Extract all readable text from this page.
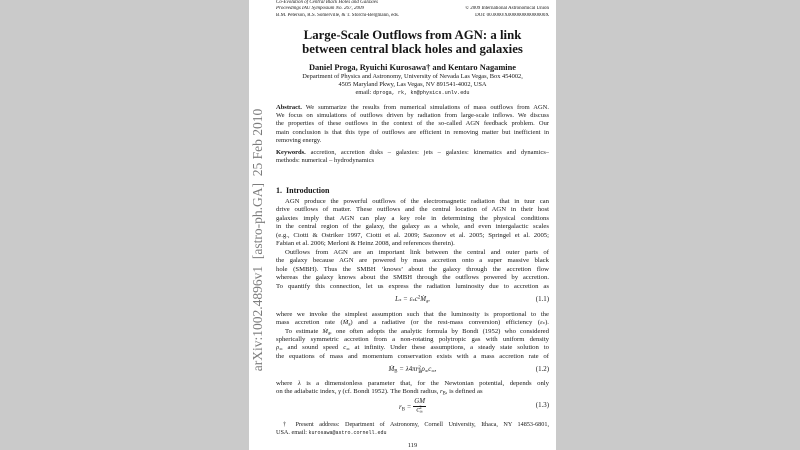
arXiv:1002.4896v1  [astro-ph.GA]  25 Feb 2010
Co-Evolution of Central Black Holes and Galaxies
Proceedings IAU Symposium No. 267, 2009
B.M. Peterson, R.S. Somerville, & T. Storchi-Bergmann, eds.
© 2009 International Astronomical Union
DOI: 00.0000/X000000000000000X
Large-Scale Outflows from AGN: a link
between central black holes and galaxies
Daniel Proga, Ryuichi Kurosawa† and Kentaro Nagamine
Department of Physics and Astronomy, University of Nevada Las Vegas, Box 454002,
4505 Maryland Pkwy, Las Vegas, NV 891541-4002, USA
email: dproga, rk, kn@physics.unlv.edu
Abstract. We summarize the results from numerical simulations of mass outflows from AGN.
We focus on simulations of outflows driven by radiation from large-scale inflows. We discuss
the properties of these outflows in the context of the so-called AGN feedback problem. Our
main conclusion is that this type of outflows are efficient in removing matter but inefficient in
removing energy.
Keywords. accretion, accretion disks – galaxies: jets – galaxies: kinematics and dynamics–
methods: numerical – hydrodynamics
1. Introduction
AGN produce the powerful outflows of the electromagnetic radiation that in tuur can
drive outflows of matter. These outflows and the central location of AGN in their host
galaxies imply that AGN can play a key role in determining the physical conditions
in the central region of the galaxy, the galaxy as a whole, and even intergalactic scales
(e.g., Ciotti & Ostriker 1997, Ciotti et al. 2009; Sazonov et al. 2005; Springel et al. 2005;
Fabian et al. 2006; Merloni & Heinz 2008, and references therein).
Outflows from AGN are an important link between the central and outer parts of
the galaxy because AGN are powered by mass accretion onto a super massive black
hole (SMBH). Thus the SMBH ‘knows’ about the galaxy through the accretion flow
whereas the galaxy knows about the SMBH through the outflows powered by accretion.
To quantify this connection, let us express the radiation luminosity due to accretion as
$L_*$ = $\varepsilon_*c^2Ṁ_a$,	(1.1)
where we invoke the simplest assumption such that the luminosity is proportional to the
mass accretion rate (Ṁ$_a$) and a radiative (or the rest-mass conversion) efficiency $(\varepsilon_*)$.
To estimate Ṁ$_a$, one often adopts the analytic formula by Bondi (1952) who considered
spherically symmetric accretion from a non-rotating polytropic gas with uniform density
$\rho_\infty$ and sound speed $c_\infty$ at infinity. Under these assumptions, a steady state solution to
the equations of mass and momentum conservation exists with a mass accretion rate of
Ṁ$_B$ = λ4πr 2
B $\rho_\infty c_\infty$,	(1.2)
where λ is a dimensionless parameter that, for the Newtonian potential, depends only
on the adiabatic index, γ (cf. Bondi 1952). The Bondi radius, $r_B$, is defined as
$r_B$ = GM
c 2
∞	(1.3)
† Present address: Department of Astronomy, Cornell University, Ithaca, NY 14853-6801,
USA. email: kurosawa@astro.cornell.edu
119
